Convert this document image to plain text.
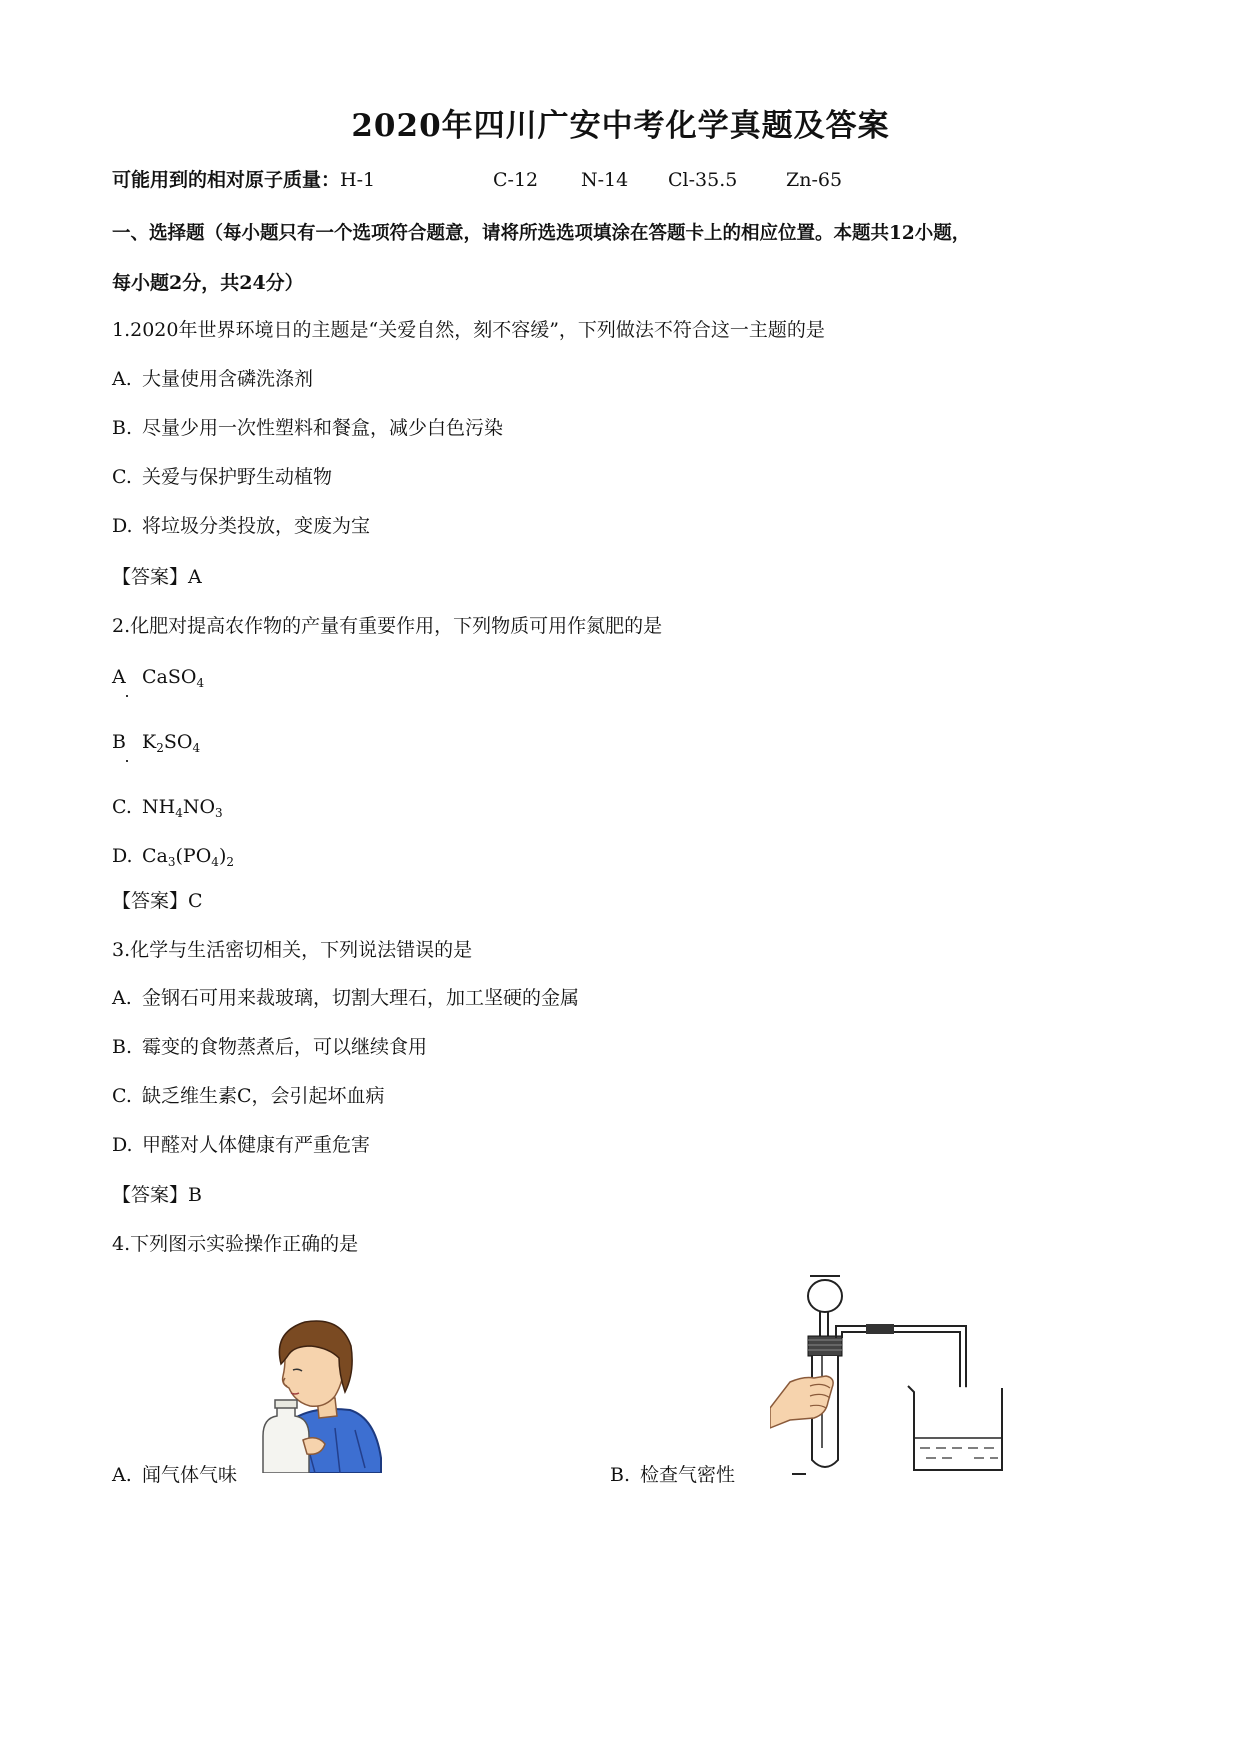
2020年四川广安中考化学真题及答案
可能用到的相对原子质量：H-1	C-12 N-14 Cl-35.5	Zn-65
一、选择题（每小题只有一个选项符合题意，请将所选选项填涂在答题卡上的相应位置。本题共12小题，
每小题2分，共24分）
1.2020年世界环境日的主题是“关爱自然，刻不容缓”，下列做法不符合这一主题的是
A. 大量使用含磷洗涤剂
B. 尽量少用一次性塑料和餐盒，减少白色污染
C. 关爱与保护野生动植物
D. 将垃圾分类投放，变废为宝
【答案】A
2.化肥对提高农作物的产量有重要作用，下列物质可用作氮肥的是
A CaSO$_4$
B $K_2SO_4$
C. $NH_4NO_3$
D. $Ca_3(PO_4)_2$
【答案】C
3.化学与生活密切相关，下列说法错误的是
A. 金钢石可用来裁玻璃，切割大理石，加工坚硬的金属
B. 霉变的食物蒸煮后，可以继续食用
C. 缺乏维生素C，会引起坏血病
D. 甲醛对人体健康有严重危害
【答案】B
4.下列图示实验操作正确的是
A. 闻气体气味	B. 检查气密性
